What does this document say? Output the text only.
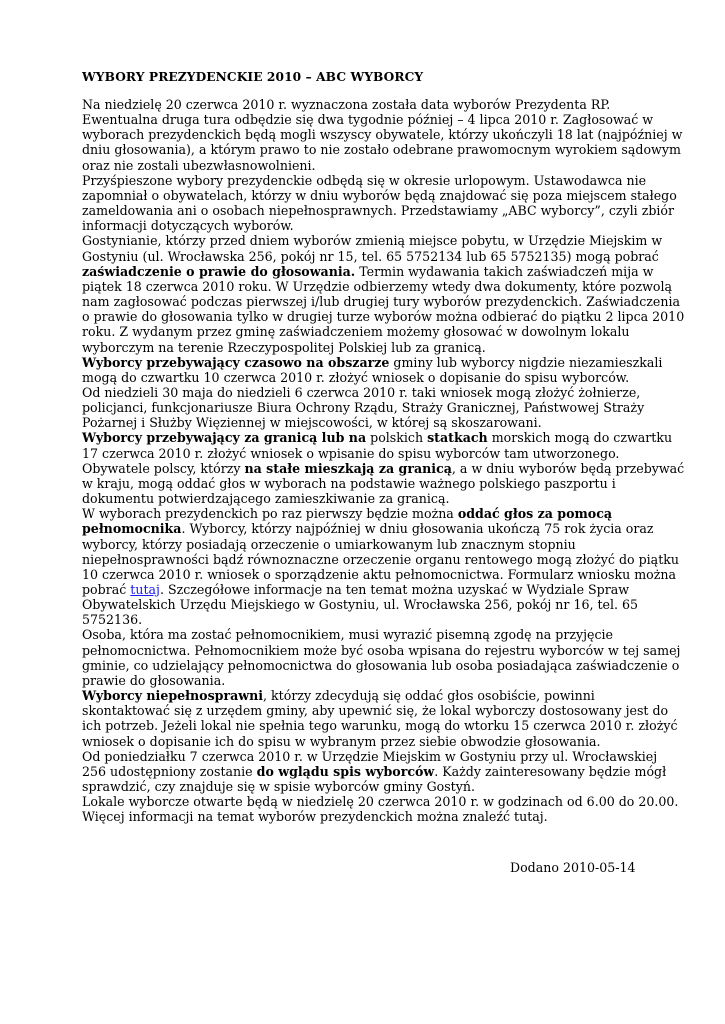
WYBORY PREZYDENCKIE 2010 – ABC WYBORCY
Na niedzielę 20 czerwca 2010 r. wyznaczona została data wyborów Prezydenta RP.
Ewentualna druga tura odbędzie się dwa tygodnie później – 4 lipca 2010 r. Zagłosować w
wyborach prezydenckich będą mogli wszyscy obywatele, którzy ukończyli 18 lat (najpóźniej w
dniu głosowania), a którym prawo to nie zostało odebrane prawomocnym wyrokiem sądowym
oraz nie zostali ubezwłasnowolnieni.
Przyśpieszone wybory prezydenckie odbędą się w okresie urlopowym. Ustawodawca nie
zapomniał o obywatelach, którzy w dniu wyborów będą znajdować się poza miejscem stałego
zameldowania ani o osobach niepełnosprawnych. Przedstawiamy „ABC wyborcy”, czyli zbiór
informacji dotyczących wyborów.
Gostynianie, którzy przed dniem wyborów zmienią miejsce pobytu, w Urzędzie Miejskim w
Gostyniu (ul. Wrocławska 256, pokój nr 15, tel. 65 5752134 lub 65 5752135) mogą pobrać
zaświadczenie o prawie do głosowania. Termin wydawania takich zaświadczeń mija w
piątek 18 czerwca 2010 roku. W Urzędzie odbierzemy wtedy dwa dokumenty, które pozwolą
nam zagłosować podczas pierwszej i/lub drugiej tury wyborów prezydenckich. Zaświadczenia
o prawie do głosowania tylko w drugiej turze wyborów można odbierać do piątku 2 lipca 2010
roku. Z wydanym przez gminę zaświadczeniem możemy głosować w dowolnym lokalu
wyborczym na terenie Rzeczypospolitej Polskiej lub za granicą.
Wyborcy przebywający czasowo na obszarze gminy lub wyborcy nigdzie niezamieszkali
mogą do czwartku 10 czerwca 2010 r. złożyć wniosek o dopisanie do spisu wyborców.
Od niedzieli 30 maja do niedzieli 6 czerwca 2010 r. taki wniosek mogą złożyć żołnierze,
policjanci, funkcjonariusze Biura Ochrony Rządu, Straży Granicznej, Państwowej Straży
Pożarnej i Służby Więziennej w miejscowości, w której są skoszarowani.
Wyborcy przebywający za granicą lub na polskich statkach morskich mogą do czwartku
17 czerwca 2010 r. złożyć wniosek o wpisanie do spisu wyborców tam utworzonego.
Obywatele polscy, którzy na stałe mieszkają za granicą, a w dniu wyborów będą przebywać
w kraju, mogą oddać głos w wyborach na podstawie ważnego polskiego paszportu i
dokumentu potwierdzającego zamieszkiwanie za granicą.
W wyborach prezydenckich po raz pierwszy będzie można oddać głos za pomocą
pełnomocnika. Wyborcy, którzy najpóźniej w dniu głosowania ukończą 75 rok życia oraz
wyborcy, którzy posiadają orzeczenie o umiarkowanym lub znacznym stopniu
niepełnosprawności bądź równoznaczne orzeczenie organu rentowego mogą złożyć do piątku
10 czerwca 2010 r. wniosek o sporządzenie aktu pełnomocnictwa. Formularz wniosku można
pobrać tutaj. Szczegółowe informacje na ten temat można uzyskać w Wydziale Spraw
Obywatelskich Urzędu Miejskiego w Gostyniu, ul. Wrocławska 256, pokój nr 16, tel. 65
5752136.
Osoba, która ma zostać pełnomocnikiem, musi wyrazić pisemną zgodę na przyjęcie
pełnomocnictwa. Pełnomocnikiem może być osoba wpisana do rejestru wyborców w tej samej
gminie, co udzielający pełnomocnictwa do głosowania lub osoba posiadająca zaświadczenie o
prawie do głosowania.
Wyborcy niepełnosprawni, którzy zdecydują się oddać głos osobiście, powinni
skontaktować się z urzędem gminy, aby upewnić się, że lokal wyborczy dostosowany jest do
ich potrzeb. Jeżeli lokal nie spełnia tego warunku, mogą do wtorku 15 czerwca 2010 r. złożyć
wniosek o dopisanie ich do spisu w wybranym przez siebie obwodzie głosowania.
Od poniedziałku 7 czerwca 2010 r. w Urzędzie Miejskim w Gostyniu przy ul. Wrocławskiej
256 udostępniony zostanie do wglądu spis wyborców. Każdy zainteresowany będzie mógł
sprawdzić, czy znajduje się w spisie wyborców gminy Gostyń.
Lokale wyborcze otwarte będą w niedzielę 20 czerwca 2010 r. w godzinach od 6.00 do 20.00.
Więcej informacji na temat wyborów prezydenckich można znaleźć tutaj.
Dodano 2010-05-14
